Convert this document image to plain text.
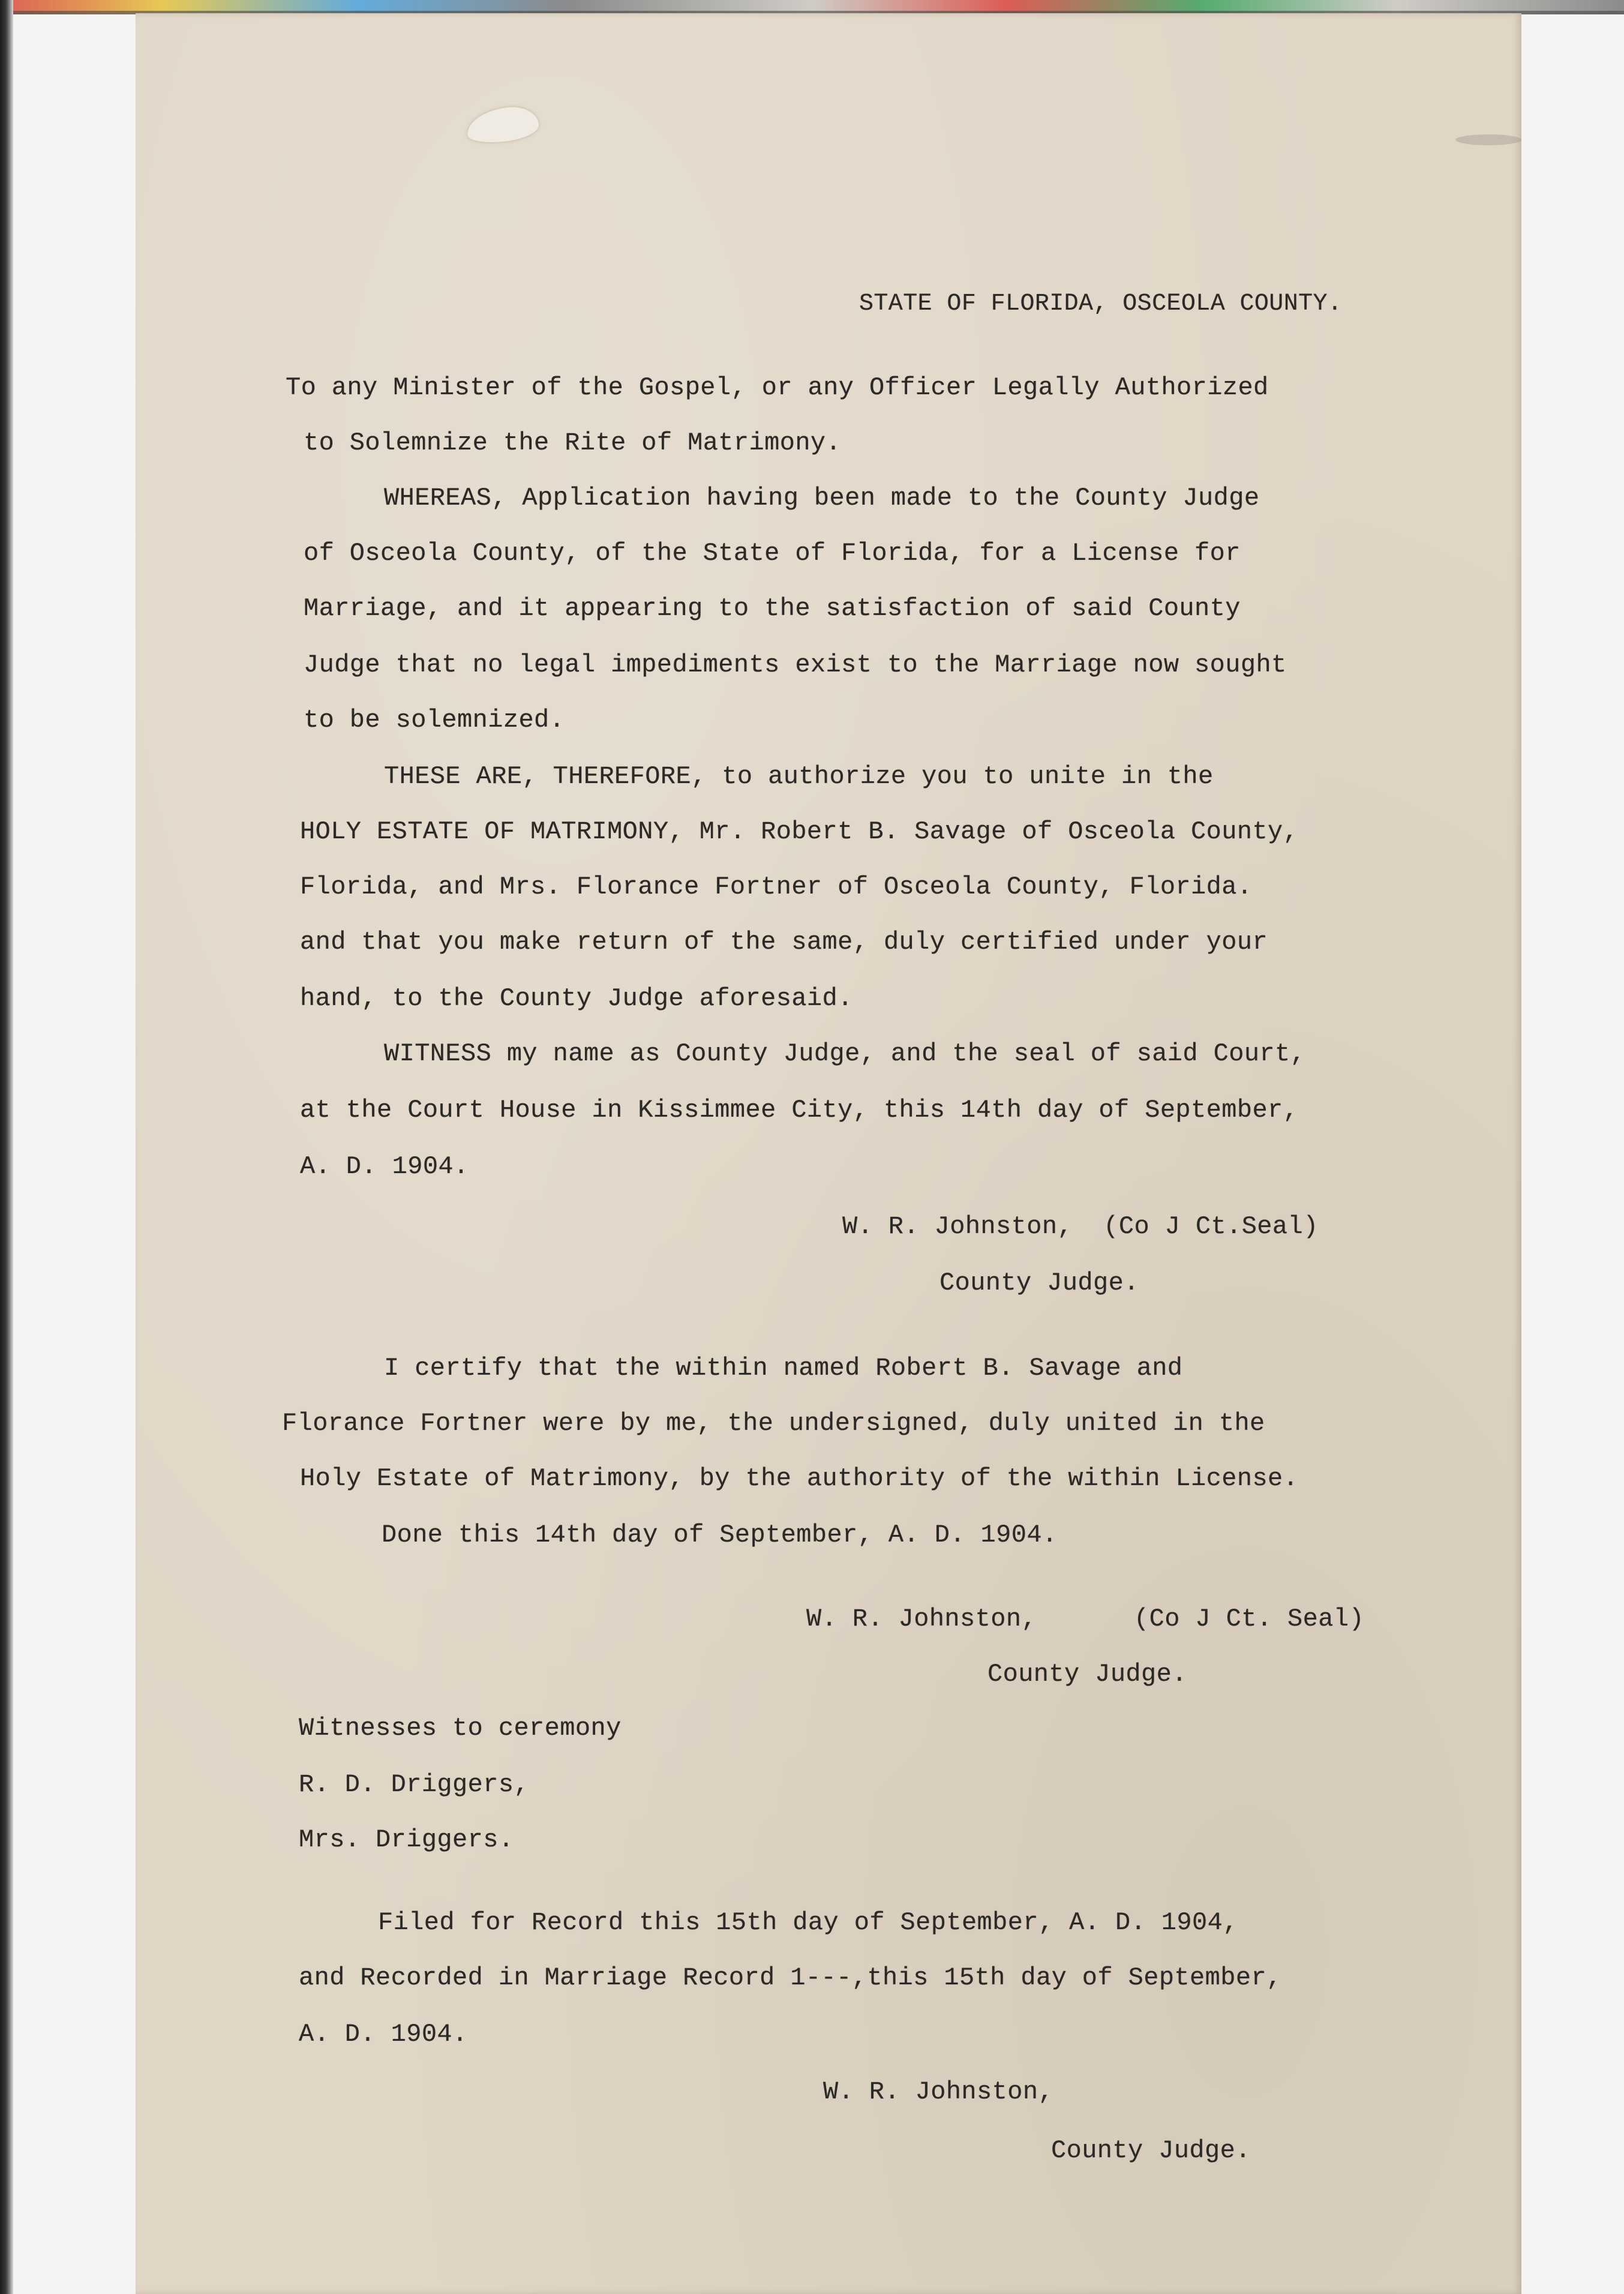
STATE OF FLORIDA, OSCEOLA COUNTY.

To any Minister of the Gospel, or any Officer Legally Authorized

to Solemnize the Rite of Matrimony.

WHEREAS, Application having been made to the County Judge

of Osceola County, of the State of Florida, for a License for

Marriage, and it appearing to the satisfaction of said County

Judge that no legal impediments exist to the Marriage now sought

to be solemnized.

THESE ARE, THEREFORE, to authorize you to unite in the

HOLY ESTATE OF MATRIMONY, Mr. Robert B. Savage of Osceola County,

Florida, and Mrs. Florance Fortner of Osceola County, Florida.

and that you make return of the same, duly certified under your

hand, to the County Judge aforesaid.

WITNESS my name as County Judge, and the seal of said Court,

at the Court House in Kissimmee City, this 14th day of September,

A. D. 1904.

W. R. Johnston,  (Co J Ct.Seal)

County Judge.

I certify that the within named Robert B. Savage and

Florance Fortner were by me, the undersigned, duly united in the

Holy Estate of Matrimony, by the authority of the within License.

Done this 14th day of September, A. D. 1904.

W. R. Johnston,	(Co J Ct. Seal)

County Judge.

Witnesses to ceremony

R. D. Driggers,

Mrs. Driggers.

Filed for Record this 15th day of September, A. D. 1904,

and Recorded in Marriage Record 1---,this 15th day of September,

A. D. 1904.

W. R. Johnston,

County Judge.
